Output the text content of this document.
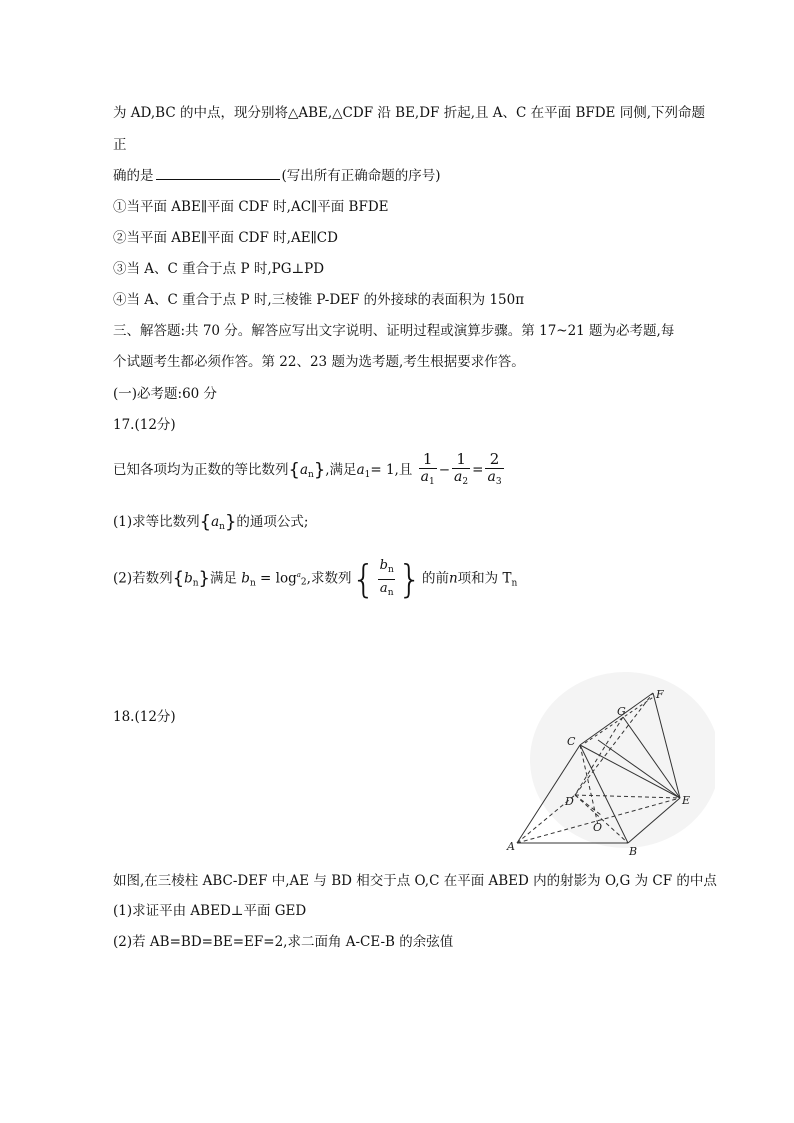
为 AD,BC 的中点，现分别将△ABE,△CDF 沿 BE,DF 折起,且 A、C 在平面 BFDE 同侧,下列命题
正
确的是	(写出所有正确命题的序号)
①当平面 ABE∥平面 CDF 时,AC∥平面 BFDE
②当平面 ABE∥平面 CDF 时,AE∥CD
③当 A、C 重合于点 P 时,PG⊥PD
④当 A、C 重合于点 P 时,三棱锥 P-DEF 的外接球的表面积为 150π
三、解答题:共 70 分。解答应写出文字说明、证明过程或演算步骤。第 17~21 题为必考题,每
个试题考生都必须作答。第 22、23 题为选考题,考生根据要求作答。
(一)必考题:60 分
17.(12分)
已知各项均为正数的等比数列$\{a_n\}$,满足$a_1= 1$,且 $\frac{1}{a_1} - \frac{1}{a_2} = \frac{2}{a_3}$
(1)求等比数列$\{a_n\}$的通项公式;
(2)若数列$\{b_n\}$满足 $b_n = \log^a_2$,求数列{ $\frac{b_n}{a_n}$ }的前n项和为 $T_n$
18.(12分)
A	B
C
D	E
F
G
O
如图,在三棱柱 ABC-DEF 中,AE 与 BD 相交于点 O,C 在平面 ABED 内的射影为 O,G 为 CF 的中点
(1)求证平由 ABED⊥平面 GED
(2)若 AB=BD=BE=EF=2,求二面角 A-CE-B 的余弦值
